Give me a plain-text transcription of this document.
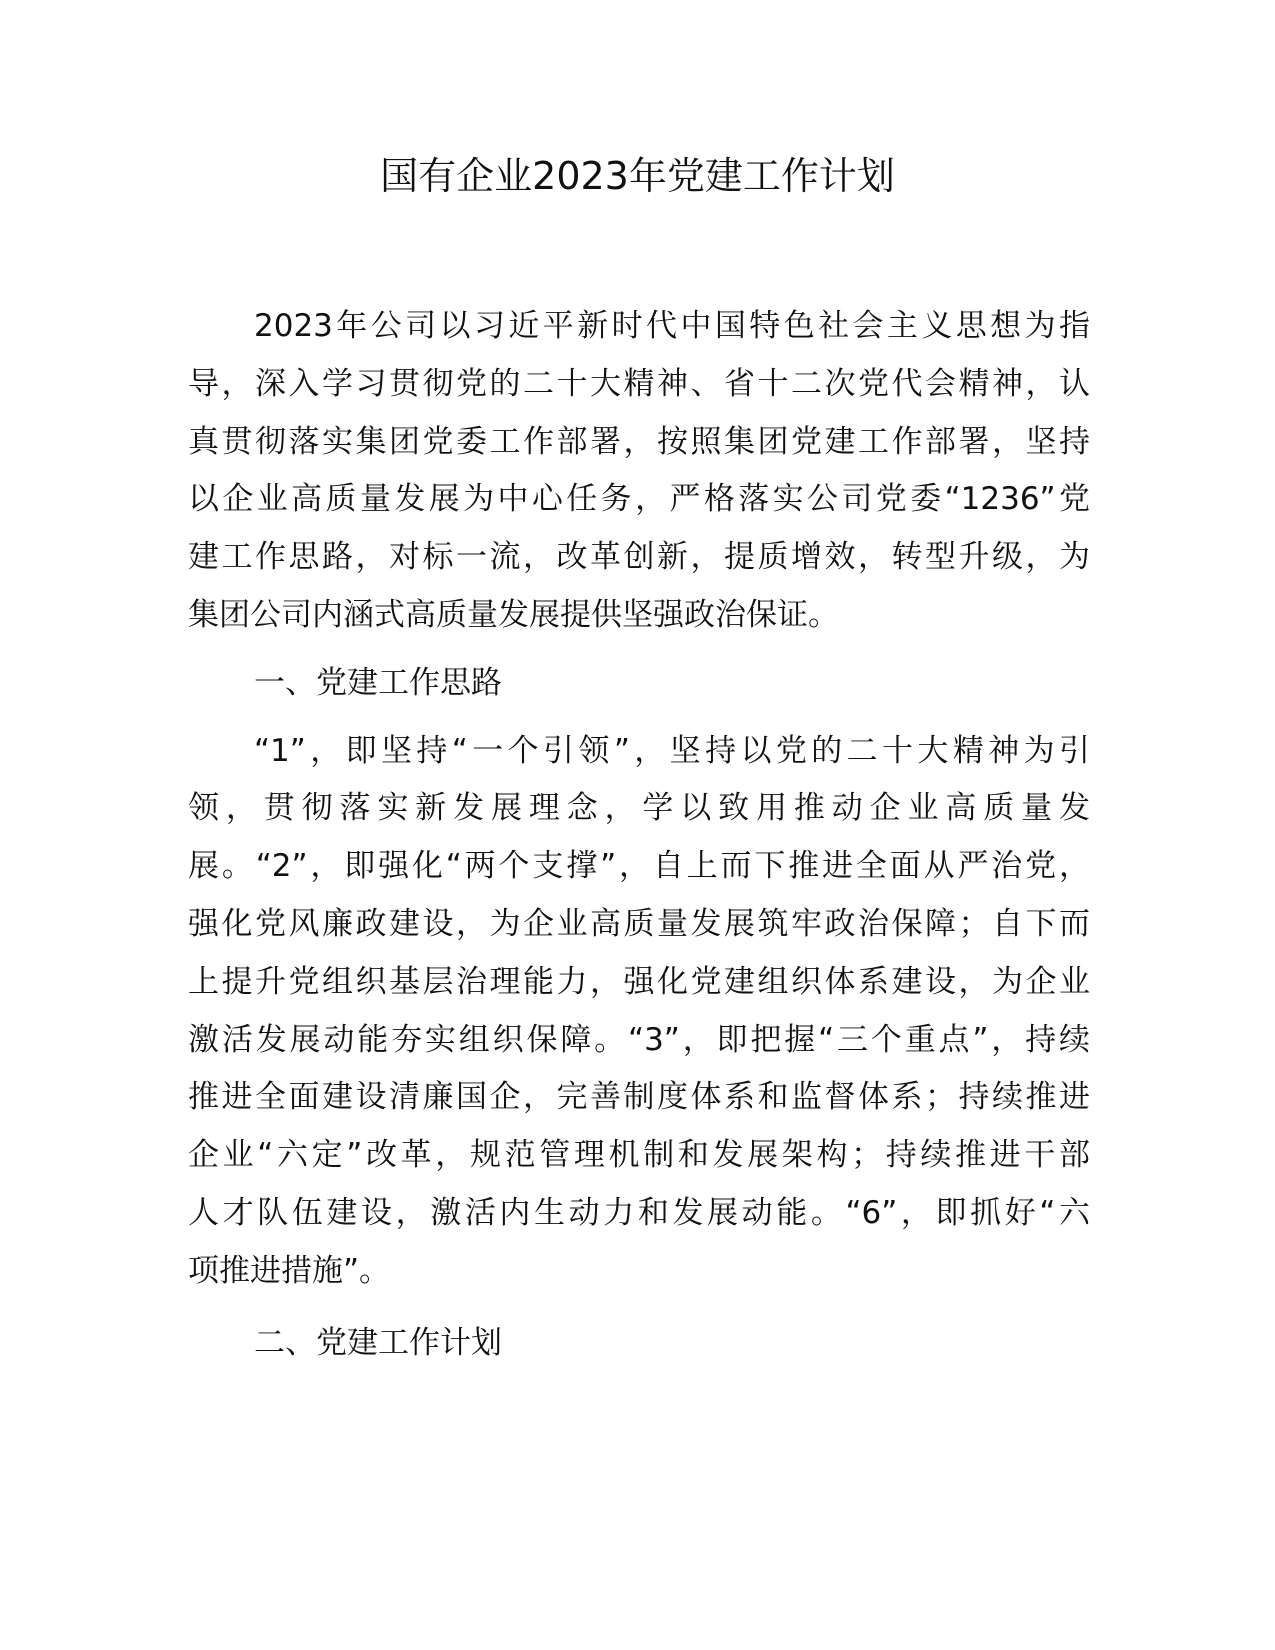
国有企业2023年党建工作计划

2023年公司以习近平新时代中国特色社会主义思想为指
导，深入学习贯彻党的二十大精神、省十二次党代会精神，认
真贯彻落实集团党委工作部署，按照集团党建工作部署，坚持
以企业高质量发展为中心任务，严格落实公司党委“1236”党
建工作思路，对标一流，改革创新，提质增效，转型升级，为
集团公司内涵式高质量发展提供坚强政治保证。

一、党建工作思路

“1”，即坚持“一个引领”，坚持以党的二十大精神为引
领，贯彻落实新发展理念，学以致用推动企业高质量发
展。“2”，即强化“两个支撑”，自上而下推进全面从严治党，
强化党风廉政建设，为企业高质量发展筑牢政治保障；自下而
上提升党组织基层治理能力，强化党建组织体系建设，为企业
激活发展动能夯实组织保障。“3”，即把握“三个重点”，持续
推进全面建设清廉国企，完善制度体系和监督体系；持续推进
企业“六定”改革，规范管理机制和发展架构；持续推进干部
人才队伍建设，激活内生动力和发展动能。“6”，即抓好“六
项推进措施”。

二、党建工作计划
